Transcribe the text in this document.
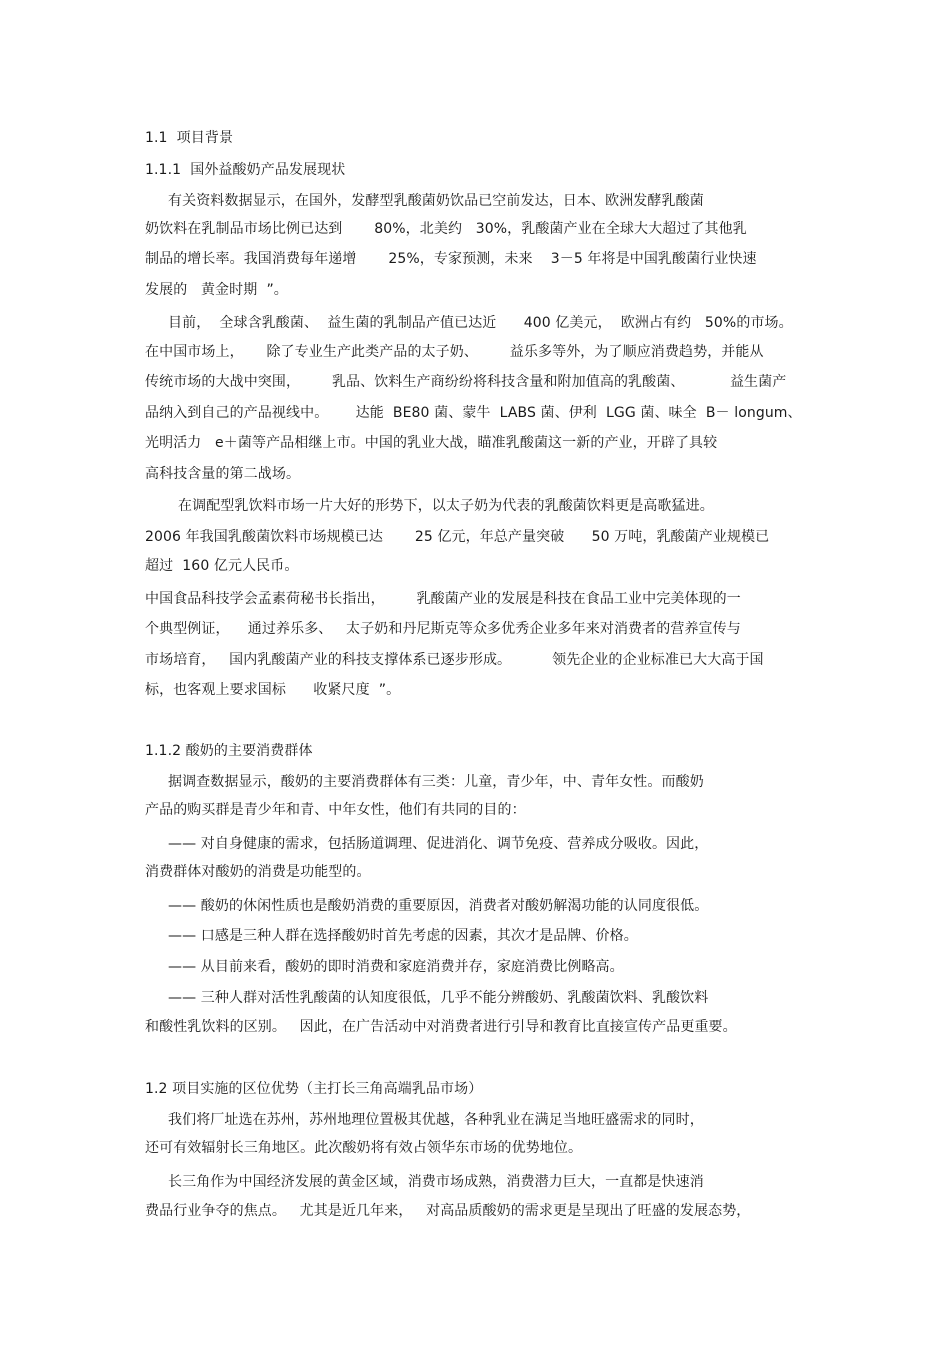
1.1  项目背景
1.1.1  国外益酸奶产品发展现状
有关资料数据显示，在国外，发酵型乳酸菌奶饮品已空前发达，日本、欧洲发酵乳酸菌
奶饮料在乳制品市场比例已达到       80%，北美约   30%，乳酸菌产业在全球大大超过了其他乳
制品的增长率。我国消费每年递增       25%，专家预测，未来    3－5 年将是中国乳酸菌行业快速
发展的   黄金时期  ”。
目前，  全球含乳酸菌、  益生菌的乳制品产值已达近      400 亿美元，  欧洲占有约   50%的市场。
在中国市场上，     除了专业生产此类产品的太子奶、       益乐多等外，为了顺应消费趋势，并能从
传统市场的大战中突围，       乳品、饮料生产商纷纷将科技含量和附加值高的乳酸菌、          益生菌产
品纳入到自己的产品视线中。      达能  BE80 菌、蒙牛  LABS 菌、伊利  LGG 菌、味全  B－ longum、
光明活力   e＋菌等产品相继上市。中国的乳业大战，瞄准乳酸菌这一新的产业，开辟了具较
高科技含量的第二战场。
在调配型乳饮料市场一片大好的形势下，以太子奶为代表的乳酸菌饮料更是高歌猛进。
2006 年我国乳酸菌饮料市场规模已达       25 亿元，年总产量突破      50 万吨，乳酸菌产业规模已
超过  160 亿元人民币。
中国食品科技学会孟素荷秘书长指出，       乳酸菌产业的发展是科技在食品工业中完美体现的一
个典型例证，    通过养乐多、   太子奶和丹尼斯克等众多优秀企业多年来对消费者的营养宣传与
市场培育，   国内乳酸菌产业的科技支撑体系已逐步形成。         领先企业的企业标准已大大高于国
标，也客观上要求国标      收紧尺度  ”。
1.1.2 酸奶的主要消费群体
据调查数据显示，酸奶的主要消费群体有三类：儿童，青少年，中、青年女性。而酸奶
产品的购买群是青少年和青、中年女性，他们有共同的目的：
—— 对自身健康的需求，包括肠道调理、促进消化、调节免疫、营养成分吸收。因此，
消费群体对酸奶的消费是功能型的。
—— 酸奶的休闲性质也是酸奶消费的重要原因，消费者对酸奶解渴功能的认同度很低。
—— 口感是三种人群在选择酸奶时首先考虑的因素，其次才是品牌、价格。
—— 从目前来看，酸奶的即时消费和家庭消费并存，家庭消费比例略高。
—— 三种人群对活性乳酸菌的认知度很低，几乎不能分辨酸奶、乳酸菌饮料、乳酸饮料
和酸性乳饮料的区别。   因此，在广告活动中对消费者进行引导和教育比直接宣传产品更重要。
1.2 项目实施的区位优势（主打长三角高端乳品市场）
我们将厂址选在苏州，苏州地理位置极其优越，各种乳业在满足当地旺盛需求的同时，
还可有效辐射长三角地区。此次酸奶将有效占领华东市场的优势地位。
长三角作为中国经济发展的黄金区域，消费市场成熟，消费潜力巨大，一直都是快速消
费品行业争夺的焦点。   尤其是近几年来，   对高品质酸奶的需求更是呈现出了旺盛的发展态势，
